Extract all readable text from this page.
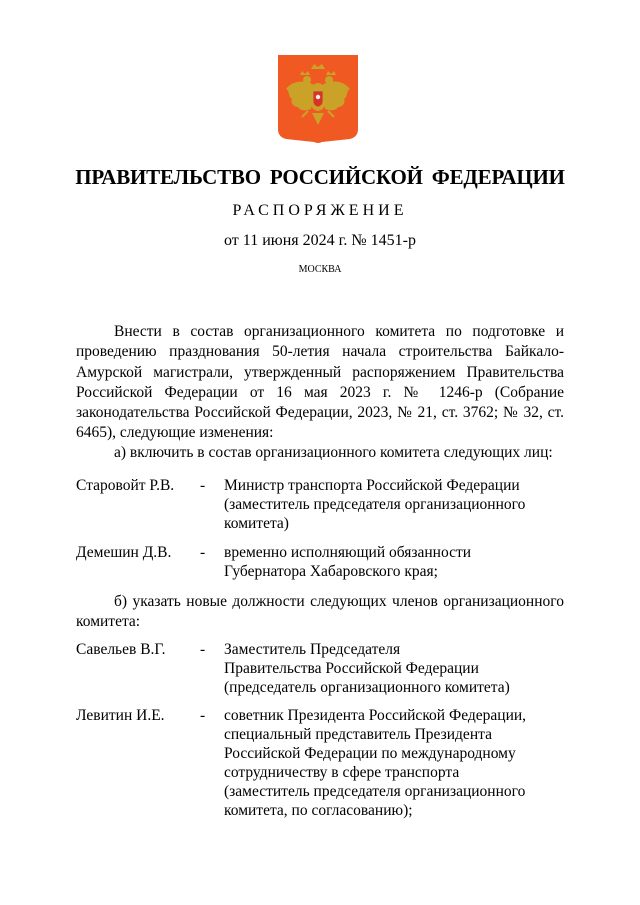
ПРАВИТЕЛЬСТВО РОССИЙСКОЙ ФЕДЕРАЦИИ
РАСПОРЯЖЕНИЕ
от 11 июня 2024 г. № 1451-р
МОСКВА
Внести в состав организационного комитета по подготовке и проведению празднования 50-летия начала строительства Байкало-Амурской магистрали, утвержденный распоряжением Правительства Российской Федерации от 16 мая 2023 г. № 1246-р (Собрание законодательства Российской Федерации, 2023, № 21, ст. 3762; № 32, ст. 6465), следующие изменения:
а) включить в состав организационного комитета следующих лиц:
Старовойт Р.В. - Министр транспорта Российской Федерации
(заместитель председателя организационного
комитета)
Демешин Д.В. - временно исполняющий обязанности
Губернатора Хабаровского края;
б) указать новые должности следующих членов организационного комитета:
Савельев В.Г. - Заместитель Председателя
Правительства Российской Федерации
(председатель организационного комитета)
Левитин И.Е. - советник Президента Российской Федерации,
специальный представитель Президента
Российской Федерации по международному
сотрудничеству в сфере транспорта
(заместитель председателя организационного
комитета, по согласованию);
